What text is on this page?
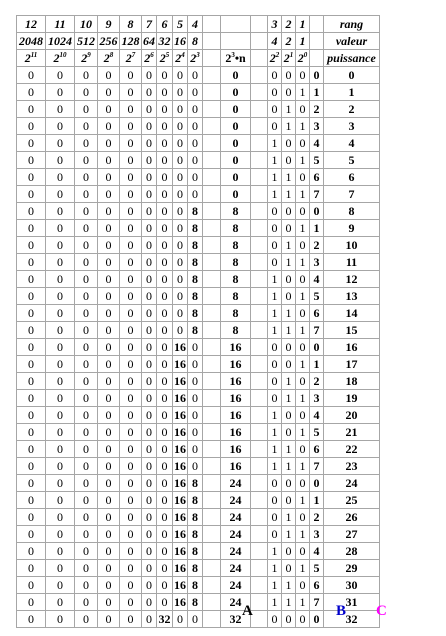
12	11	10	9	8	7	6	5	4				3	2	1		rang
2048	1024	512	256	128	64	32	16	8				4	2	1		valeur
$2^{11}$	$2^{10}$	$2^9$	$2^8$	$2^7$	$2^6$	$2^5$	$2^4$	$2^3$		$2^3•n$		$2^2$	$2^1$	$2^0$		puissance
0	0	0	0	0	0	0	0	0		0		0	0	0	0	0
0	0	0	0	0	0	0	0	0		0		0	0	1	1	1
0	0	0	0	0	0	0	0	0		0		0	1	0	2	2
0	0	0	0	0	0	0	0	0		0		0	1	1	3	3
0	0	0	0	0	0	0	0	0		0		1	0	0	4	4
0	0	0	0	0	0	0	0	0		0		1	0	1	5	5
0	0	0	0	0	0	0	0	0		0		1	1	0	6	6
0	0	0	0	0	0	0	0	0		0		1	1	1	7	7
0	0	0	0	0	0	0	0	8		8		0	0	0	0	8
0	0	0	0	0	0	0	0	8		8		0	0	1	1	9
0	0	0	0	0	0	0	0	8		8		0	1	0	2	10
0	0	0	0	0	0	0	0	8		8		0	1	1	3	11
0	0	0	0	0	0	0	0	8		8		1	0	0	4	12
0	0	0	0	0	0	0	0	8		8		1	0	1	5	13
0	0	0	0	0	0	0	0	8		8		1	1	0	6	14
0	0	0	0	0	0	0	0	8		8		1	1	1	7	15
0	0	0	0	0	0	0	16	0		16		0	0	0	0	16
0	0	0	0	0	0	0	16	0		16		0	0	1	1	17
0	0	0	0	0	0	0	16	0		16		0	1	0	2	18
0	0	0	0	0	0	0	16	0		16		0	1	1	3	19
0	0	0	0	0	0	0	16	0		16		1	0	0	4	20
0	0	0	0	0	0	0	16	0		16		1	0	1	5	21
0	0	0	0	0	0	0	16	0		16		1	1	0	6	22
0	0	0	0	0	0	0	16	0		16		1	1	1	7	23
0	0	0	0	0	0	0	16	8		24		0	0	0	0	24
0	0	0	0	0	0	0	16	8		24		0	0	1	1	25
0	0	0	0	0	0	0	16	8		24		0	1	0	2	26
0	0	0	0	0	0	0	16	8		24		0	1	1	3	27
0	0	0	0	0	0	0	16	8		24		1	0	0	4	28
0	0	0	0	0	0	0	16	8		24		1	0	1	5	29
0	0	0	0	0	0	0	16	8		24		1	1	0	6	30
0	0	0	0	0	0	0	16	8		24		1	1	1	7	31
0	0	0	0	0	0	32	0	0		32		0	0	0	0	32
A	B C
